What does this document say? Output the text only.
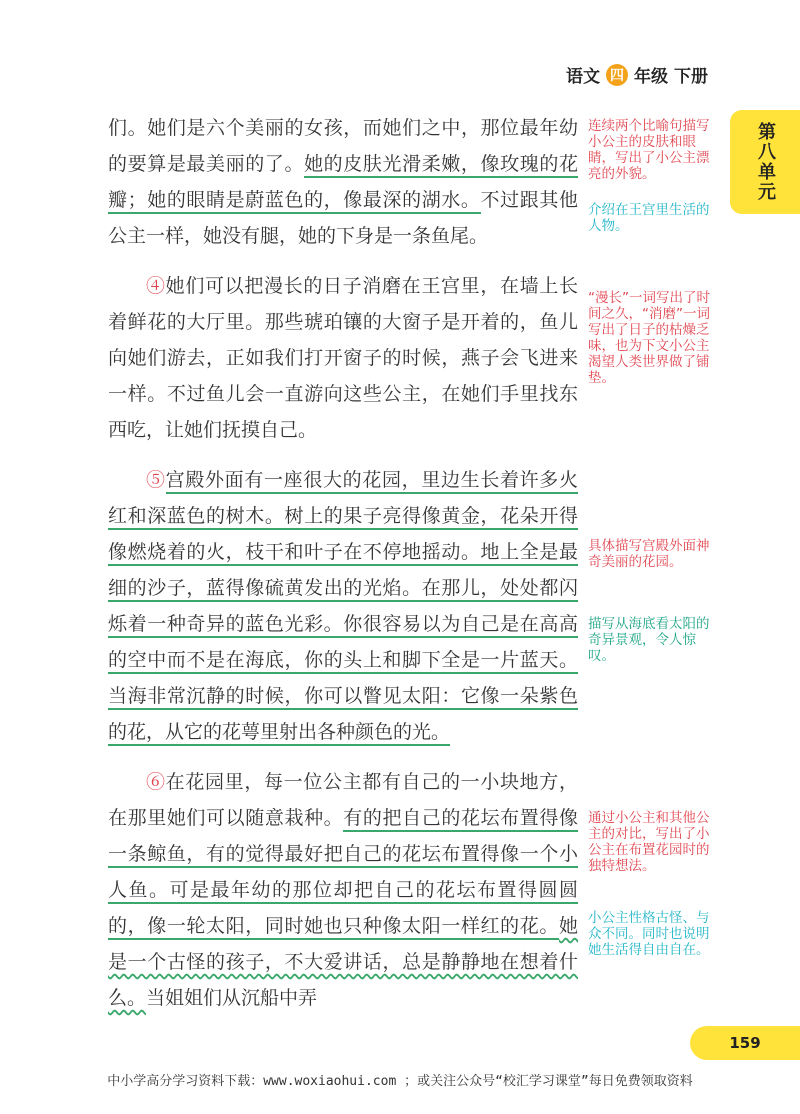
语文 四 年级 下册
第八单元

们。她们是六个美丽的女孩，而她们之中，那位最年幼的要算是最美丽的了。她的皮肤光滑柔嫩，像玫瑰的花瓣；她的眼睛是蔚蓝色的，像最深的湖水。不过跟其他公主一样，她没有腿，她的下身是一条鱼尾。

④她们可以把漫长的日子消磨在王宫里，在墙上长着鲜花的大厅里。那些琥珀镶的大窗子是开着的，鱼儿向她们游去，正如我们打开窗子的时候，燕子会飞进来一样。不过鱼儿会一直游向这些公主，在她们手里找东西吃，让她们抚摸自己。

⑤宫殿外面有一座很大的花园，里边生长着许多火红和深蓝色的树木。树上的果子亮得像黄金，花朵开得像燃烧着的火，枝干和叶子在不停地摇动。地上全是最细的沙子，蓝得像硫黄发出的光焰。在那儿，处处都闪烁着一种奇异的蓝色光彩。你很容易以为自己是在高高的空中而不是在海底，你的头上和脚下全是一片蓝天。当海非常沉静的时候，你可以瞥见太阳：它像一朵紫色的花，从它的花萼里射出各种颜色的光。

⑥在花园里，每一位公主都有自己的一小块地方，在那里她们可以随意栽种。有的把自己的花坛布置得像一条鲸鱼，有的觉得最好把自己的花坛布置得像一个小人鱼。可是最年幼的那位却把自己的花坛布置得圆圆的，像一轮太阳，同时她也只种像太阳一样红的花。她是一个古怪的孩子，不大爱讲话，总是静静地在想着什么。当姐姐们从沉船中弄

连续两个比喻句描写小公主的皮肤和眼睛，写出了小公主漂亮的外貌。
介绍在王宫里生活的人物。
“漫长”一词写出了时间之久，“消磨”一词写出了日子的枯燥乏味，也为下文小公主渴望人类世界做了铺垫。
具体描写宫殿外面神奇美丽的花园。
描写从海底看太阳的奇异景观，令人惊叹。
通过小公主和其他公主的对比，写出了小公主在布置花园时的独特想法。
小公主性格古怪、与众不同。同时也说明她生活得自由自在。
159
中小学高分学习资料下载：www.woxiaohui.com ；或关注公众号“校汇学习课堂”每日免费领取资料
